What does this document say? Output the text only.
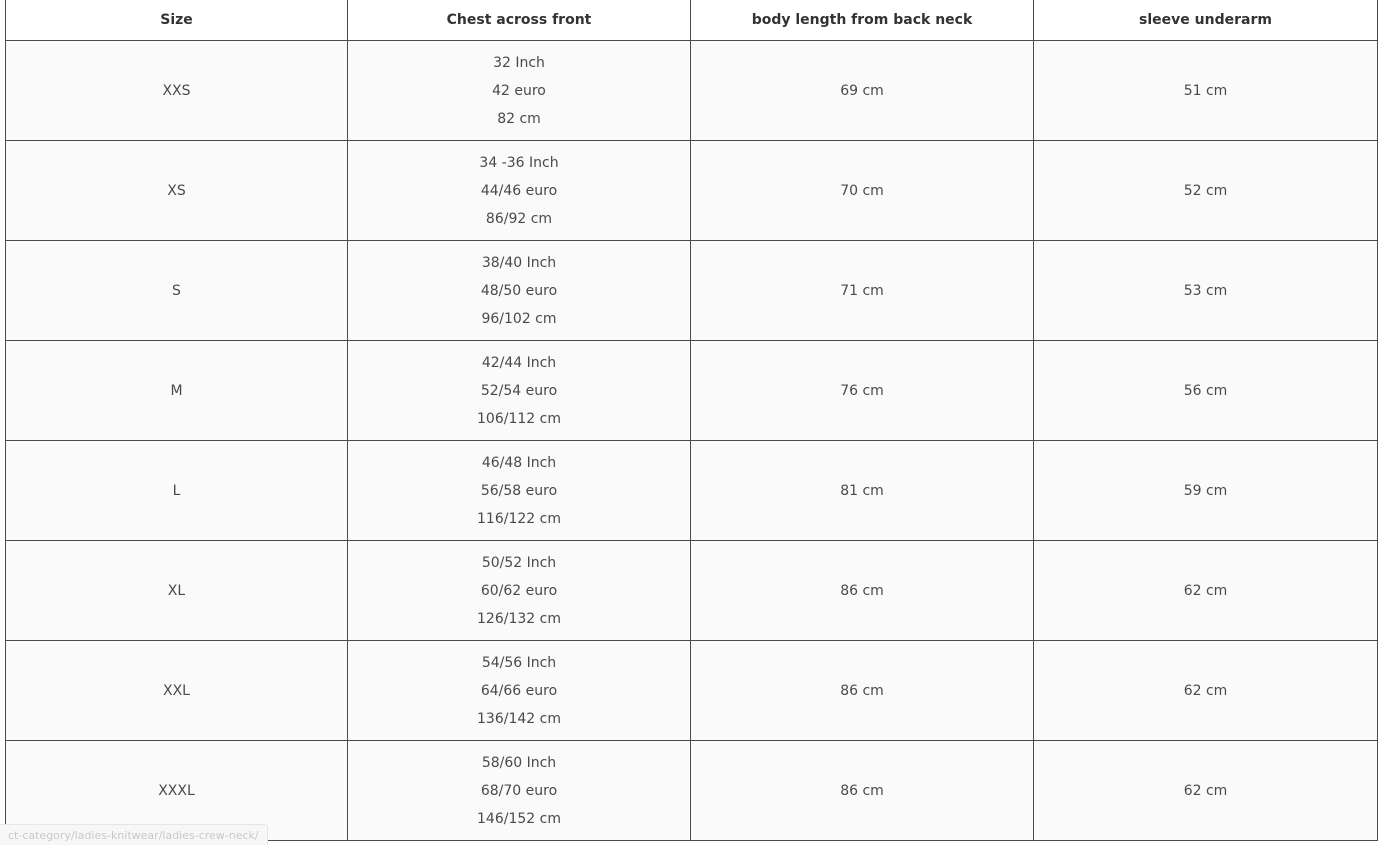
Size	Chest across front	body length from back neck	sleeve underarm
XXS	32 Inch
42 euro
82 cm	69 cm	51 cm
XS	34 -36 Inch
44/46 euro
86/92 cm	70 cm	52 cm
S	38/40 Inch
48/50 euro
96/102 cm	71 cm	53 cm
M	42/44 Inch
52/54 euro
106/112 cm	76 cm	56 cm
L	46/48 Inch
56/58 euro
116/122 cm	81 cm	59 cm
XL	50/52 Inch
60/62 euro
126/132 cm	86 cm	62 cm
XXL	54/56 Inch
64/66 euro
136/142 cm	86 cm	62 cm
XXXL	58/60 Inch
68/70 euro
146/152 cm	86 cm	62 cm
ct-category/ladies-knitwear/ladies-crew-neck/
